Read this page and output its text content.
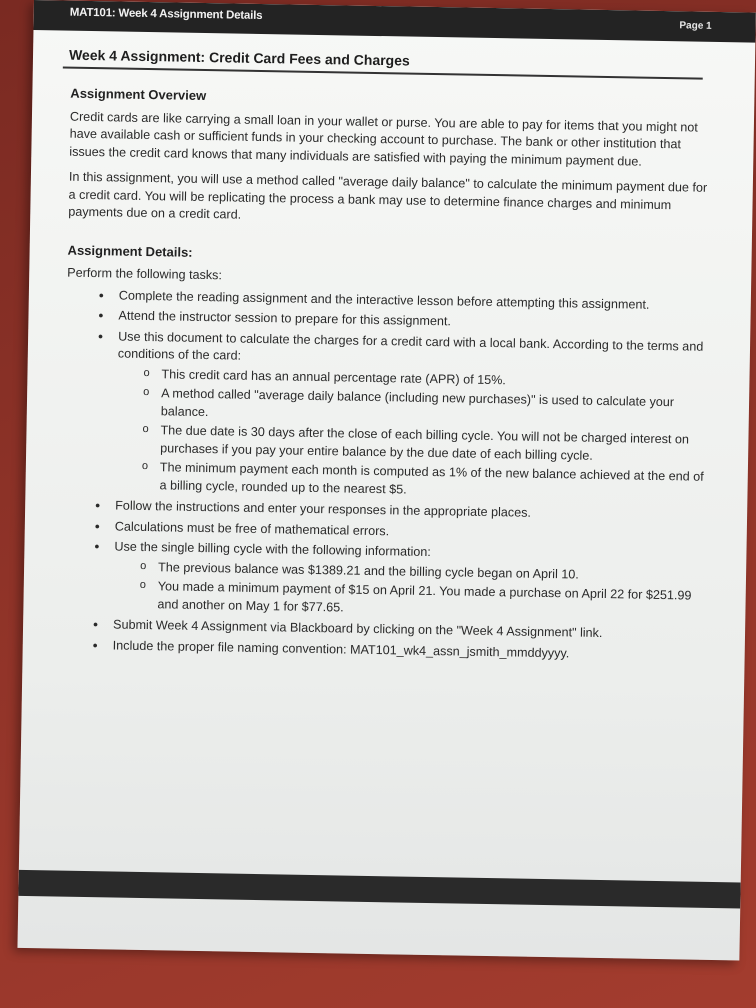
MAT101: Week 4 Assignment Details
Page 1
Week 4 Assignment: Credit Card Fees and Charges
Assignment Overview

Credit cards are like carrying a small loan in your wallet or purse. You are able to pay for items that you might not have available cash or sufficient funds in your checking account to purchase. The bank or other institution that issues the credit card knows that many individuals are satisfied with paying the minimum payment due.

In this assignment, you will use a method called "average daily balance" to calculate the minimum payment due for a credit card. You will be replicating the process a bank may use to determine finance charges and minimum payments due on a credit card.

Assignment Details:
Perform the following tasks:
• Complete the reading assignment and the interactive lesson before attempting this assignment.
• Attend the instructor session to prepare for this assignment.
• Use this document to calculate the charges for a credit card with a local bank. According to the terms and conditions of the card:
o This credit card has an annual percentage rate (APR) of 15%.
o A method called "average daily balance (including new purchases)" is used to calculate your balance.
o The due date is 30 days after the close of each billing cycle. You will not be charged interest on purchases if you pay your entire balance by the due date of each billing cycle.
o The minimum payment each month is computed as 1% of the new balance achieved at the end of a billing cycle, rounded up to the nearest $5.
• Follow the instructions and enter your responses in the appropriate places.
• Calculations must be free of mathematical errors.
• Use the single billing cycle with the following information:
o The previous balance was $1389.21 and the billing cycle began on April 10.
o You made a minimum payment of $15 on April 21. You made a purchase on April 22 for $251.99 and another on May 1 for $77.65.
• Submit Week 4 Assignment via Blackboard by clicking on the "Week 4 Assignment" link.
• Include the proper file naming convention: MAT101_wk4_assn_jsmith_mmddyyyy.
